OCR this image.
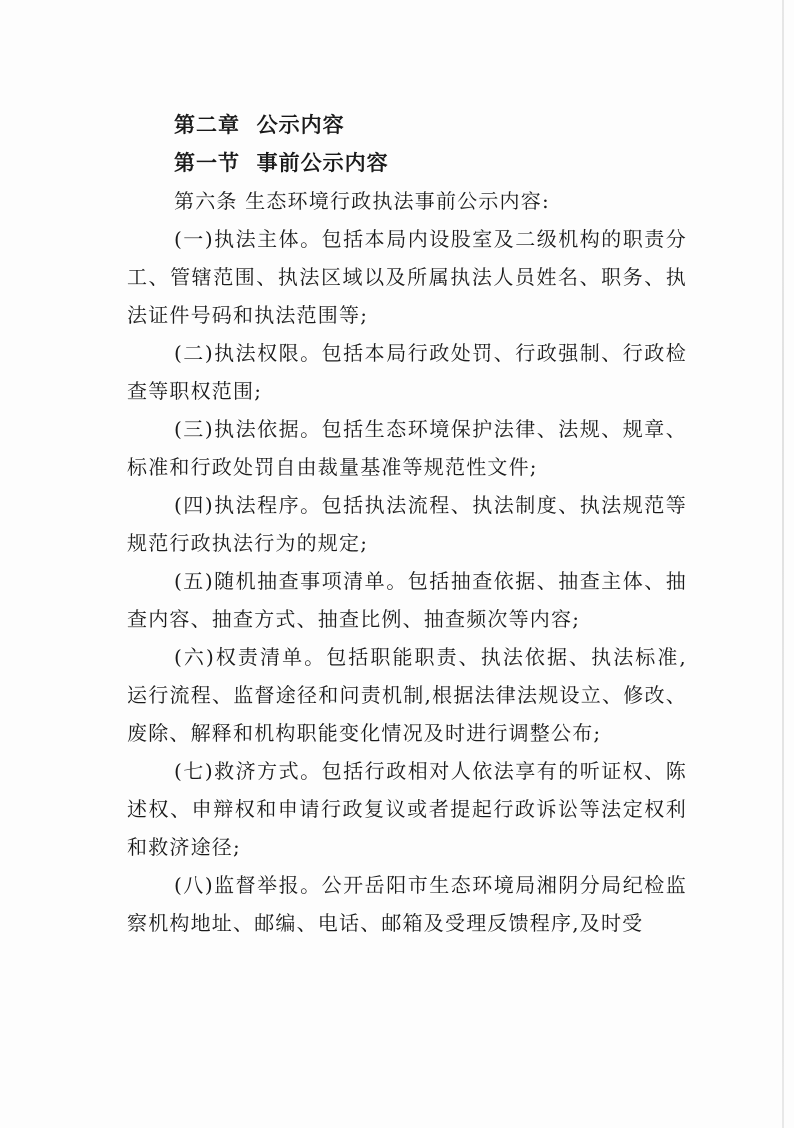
第二章  公示内容
第一节  事前公示内容

第六条 生态环境行政执法事前公示内容:

(一)执法主体。包括本局内设股室及二级机构的职责分工、管辖范围、执法区域以及所属执法人员姓名、职务、执法证件号码和执法范围等;

(二)执法权限。包括本局行政处罚、行政强制、行政检查等职权范围;

(三)执法依据。包括生态环境保护法律、法规、规章、标准和行政处罚自由裁量基准等规范性文件;

(四)执法程序。包括执法流程、执法制度、执法规范等规范行政执法行为的规定;

(五)随机抽查事项清单。包括抽查依据、抽查主体、抽查内容、抽查方式、抽查比例、抽查频次等内容;

(六)权责清单。包括职能职责、执法依据、执法标准,运行流程、监督途径和问责机制,根据法律法规设立、修改、废除、解释和机构职能变化情况及时进行调整公布;

(七)救济方式。包括行政相对人依法享有的听证权、陈述权、申辩权和申请行政复议或者提起行政诉讼等法定权利和救济途径;

(八)监督举报。公开岳阳市生态环境局湘阴分局纪检监察机构地址、邮编、电话、邮箱及受理反馈程序,及时受
